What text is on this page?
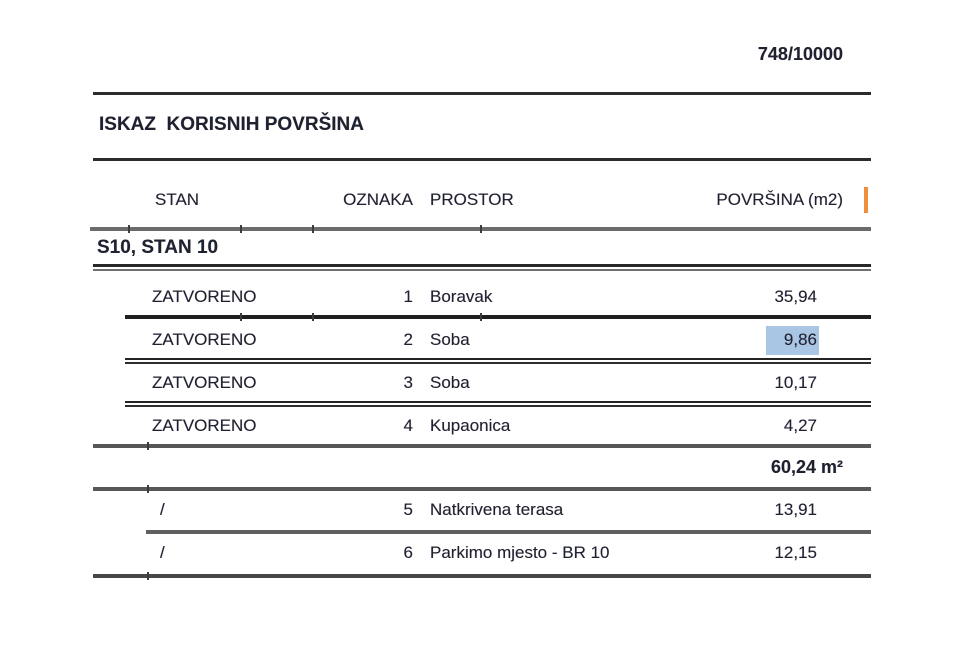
748/10000
ISKAZ  KORISNIH POVRŠINA
STAN	OZNAKA PROSTOR	POVRŠINA (m2)
S10, STAN 10
ZATVORENO	1 Boravak	35,94
ZATVORENO	2 Soba	9,86
ZATVORENO	3 Soba	10,17
ZATVORENO	4 Kupaonica	4,27
60,24 m²
/	5 Natkrivena terasa	13,91
/	6 Parkimo mjesto - BR 10	12,15
